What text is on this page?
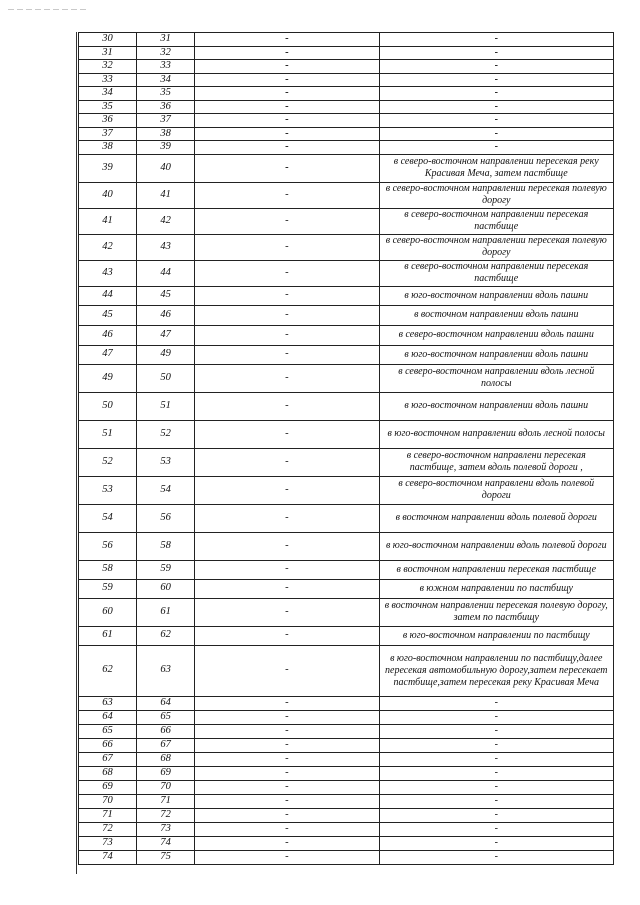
30	31	-	-
31	32	-	-
32	33	-	-
33	34	-	-
34	35	-	-
35	36	-	-
36	37	-	-
37	38	-	-
38	39	-	-
39	40	-	в северо-восточном направлении пересекая реку Красивая Меча, затем пастбище
40	41	-	в северо-восточном направлении пересекая полевую дорогу
41	42	-	в северо-восточном направлении пересекая пастбище
42	43	-	в северо-восточном направлении пересекая полевую дорогу
43	44	-	в северо-восточном направлении пересекая пастбище
44	45	-	в юго-восточном направлении вдоль пашни
45	46	-	в восточном направлении вдоль пашни
46	47	-	в северо-восточном направлении вдоль пашни
47	49	-	в юго-восточном направлении вдоль пашни
49	50	-	в северо-восточном направлении вдоль лесной полосы
50	51	-	в юго-восточном направлении вдоль пашни
51	52	-	в юго-восточном направлении вдоль лесной полосы
52	53	-	в северо-восточном направлени пересекая пастбище, затем вдоль полевой дороги ,
53	54	-	в северо-восточном направлени вдоль полевой дороги
54	56	-	в восточном направлении вдоль полевой дороги
56	58	-	в юго-восточном направлении вдоль полевой дороги
58	59	-	в восточном направлении пересекая пастбище
59	60	-	в южном направлении по пастбищу
60	61	-	в восточном направлении пересекая полевую дорогу, затем по пастбищу
61	62	-	в юго-восточном направлении по пастбищу
62	63	-	в юго-восточном направлении по пастбищу,далее пересекая автомобильную дорогу,затем пересекает пастбище,затем пересекая реку Красивая Меча
63	64	-	-
64	65	-	-
65	66	-	-
66	67	-	-
67	68	-	-
68	69	-	-
69	70	-	-
70	71	-	-
71	72	-	-
72	73	-	-
73	74	-	-
74	75	-	-
